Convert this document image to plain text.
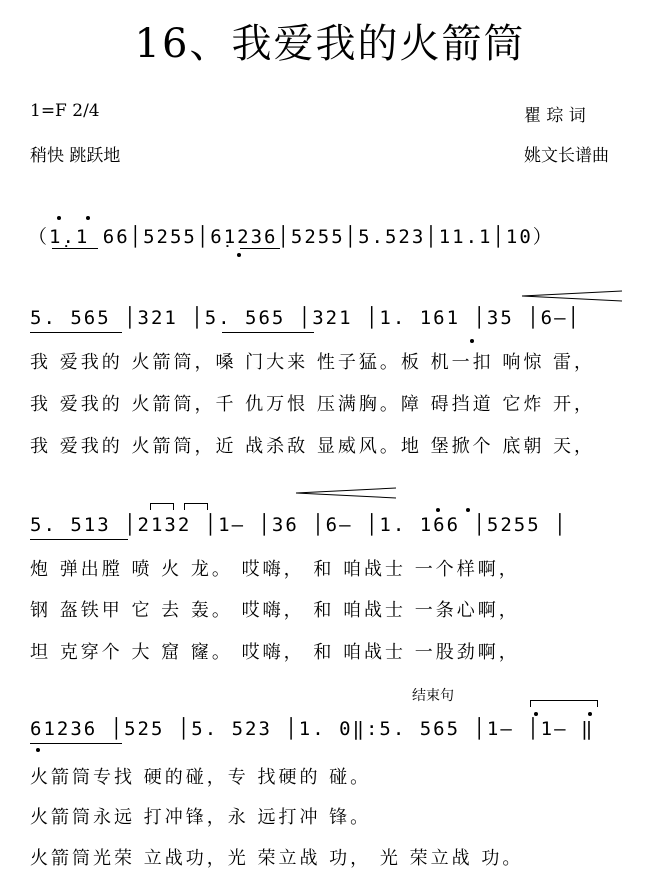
16、我爱我的火箭筒
1=F 2/4
稍快 跳跃地
瞿 琮 词
姚文长谱曲
（1̣.1 66│5255│6̣1236│5255│5.523│11.1│10）
5. 565 │321 │5. 565 │321 │1. 161 │35 │6–│
我 爱我的 火箭筒，嗓 门大来 性子猛。板 机一扣 响惊 雷，
我 爱我的 火箭筒，千 仇万恨 压满胸。障 碍挡道 它炸 开，
我 爱我的 火箭筒，近 战杀敌 显威风。地 堡掀个 底朝 天，
5. 513 │2132 │1– │36 │6– │1. 166 │5255 │
炮 弹出膛 喷 火 龙。 哎嗨， 和 咱战士 一个样啊，
钢 盔铁甲 它 去 轰。 哎嗨， 和 咱战士 一条心啊，
坦 克穿个 大 窟 窿。 哎嗨， 和 咱战士 一股劲啊，
结束句
61236 │525 │5. 523 │1. 0‖:5. 565 │1– │1– ‖
火箭筒专找 硬的碰，专 找硬的 碰。
火箭筒永远 打冲锋，永 远打冲 锋。
火箭筒光荣 立战功，光 荣立战 功， 光 荣立战 功。
